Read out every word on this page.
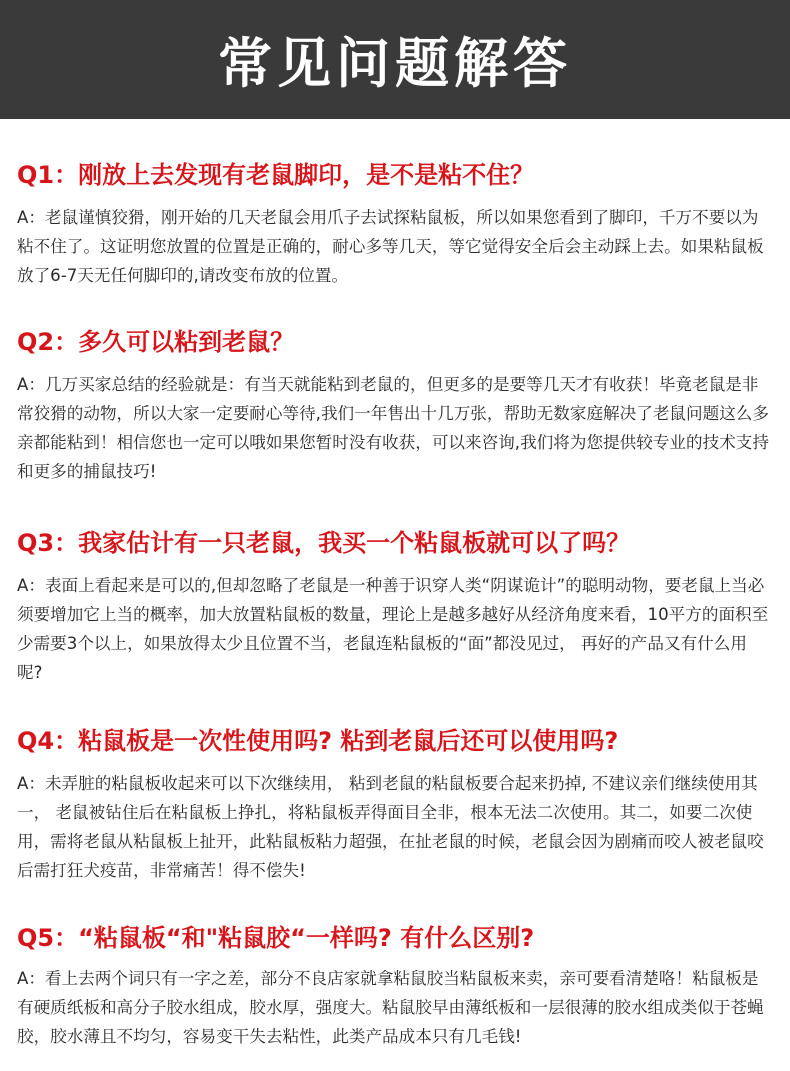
常见问题解答

Q1：刚放上去发现有老鼠脚印，是不是粘不住？

A：老鼠谨慎狡猾，刚开始的几天老鼠会用爪子去试探粘鼠板，所以如果您看到了脚印，千万不要以为粘不住了。这证明您放置的位置是正确的，耐心多等几天，等它觉得安全后会主动踩上去。如果粘鼠板放了6-7天无任何脚印的,请改变布放的位置。

Q2：多久可以粘到老鼠？

A：几万买家总结的经验就是：有当天就能粘到老鼠的，但更多的是要等几天才有收获！毕竟老鼠是非常狡猾的动物，所以大家一定要耐心等待,我们一年售出十几万张，帮助无数家庭解决了老鼠问题这么多亲都能粘到！相信您也一定可以哦如果您暂时没有收获，可以来咨询,我们将为您提供较专业的技术支持和更多的捕鼠技巧!

Q3：我家估计有一只老鼠，我买一个粘鼠板就可以了吗？

A：表面上看起来是可以的,但却忽略了老鼠是一种善于识穿人类“阴谋诡计”的聪明动物，要老鼠上当必须要增加它上当的概率，加大放置粘鼠板的数量，理论上是越多越好从经济角度来看，10平方的面积至少需要3个以上，如果放得太少且位置不当，老鼠连粘鼠板的“面”都没见过， 再好的产品又有什么用呢?

Q4：粘鼠板是一次性使用吗? 粘到老鼠后还可以使用吗?

A：未弄脏的粘鼠板收起来可以下次继续用， 粘到老鼠的粘鼠板要合起来扔掉, 不建议亲们继续使用其一， 老鼠被钻住后在粘鼠板上挣扎，将粘鼠板弄得面目全非，根本无法二次使用。其二，如要二次使用，需将老鼠从粘鼠板上扯开，此粘鼠板粘力超强，在扯老鼠的时候，老鼠会因为剧痛而咬人被老鼠咬后需打狂犬疫苗，非常痛苦！得不偿失!

Q5：“粘鼠板“和"粘鼠胶“一样吗? 有什么区别?

A：看上去两个词只有一字之差，部分不良店家就拿粘鼠胶当粘鼠板来卖，亲可要看清楚咯！粘鼠板是有硬质纸板和高分子胶水组成，胶水厚，强度大。粘鼠胶早由薄纸板和一层很薄的胶水组成类似于苍蝇胶，胶水薄且不均匀，容易变干失去粘性，此类产品成本只有几毛钱!
